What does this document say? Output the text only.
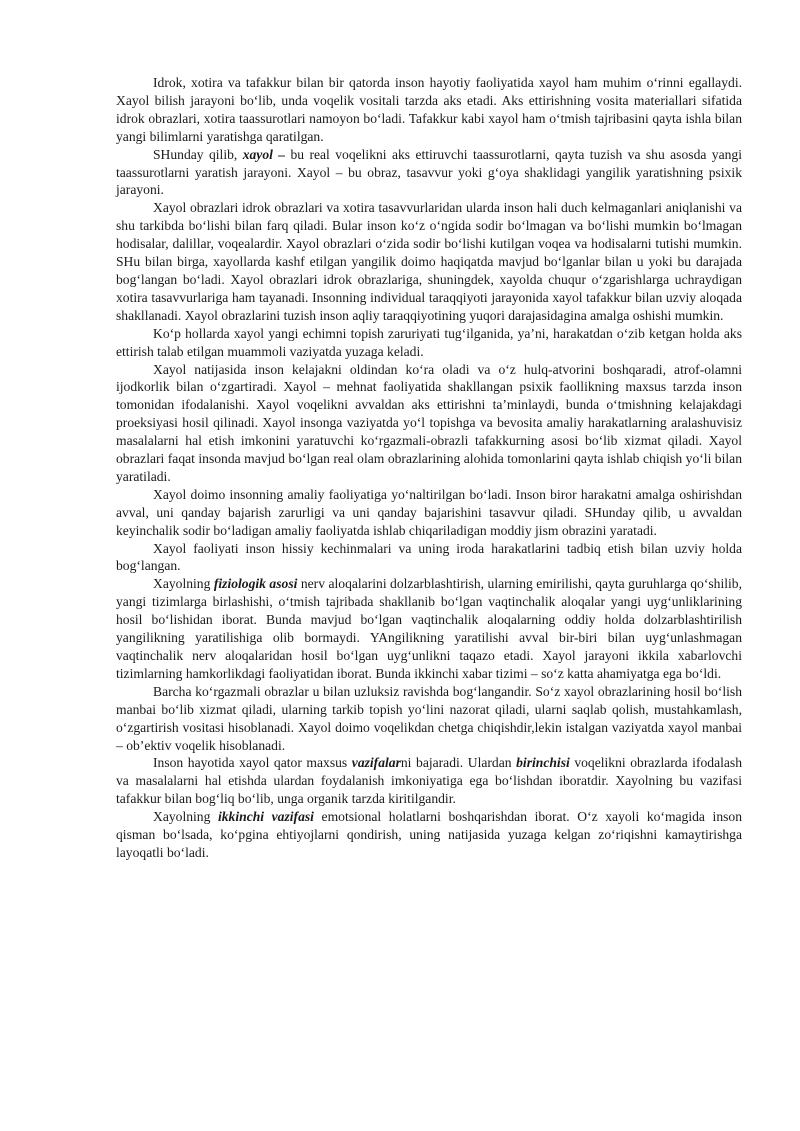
Idrok, xotira va tafakkur bilan bir qatorda inson hayotiy faoliyatida xayol ham muhim oʻrinni egallaydi. Xayol bilish jarayoni boʻlib, unda voqelik vositali tarzda aks etadi. Aks ettirishning vosita materiallari sifatida idrok obrazlari, xotira taassurotlari namoyon boʻladi. Tafakkur kabi xayol ham oʻtmish tajribasini qayta ishla bilan yangi bilimlarni yaratishga qaratilgan.

SHunday qilib, xayol – bu real voqelikni aks ettiruvchi taassurotlarni, qayta tuzish va shu asosda yangi taassurotlarni yaratish jarayoni. Xayol – bu obraz, tasavvur yoki gʻoya shaklidagi yangilik yaratishning psixik jarayoni.

Xayol obrazlari idrok obrazlari va xotira tasavvurlaridan ularda inson hali duch kelmaganlari aniqlanishi va shu tarkibda boʻlishi bilan farq qiladi. Bular inson koʻz oʻngida sodir boʻlmagan va boʻlishi mumkin boʻlmagan hodisalar, dalillar, voqealardir. Xayol obrazlari oʻzida sodir boʻlishi kutilgan voqea va hodisalarni tutishi mumkin. SHu bilan birga, xayollarda kashf etilgan yangilik doimo haqiqatda mavjud boʻlganlar bilan u yoki bu darajada bogʻlangan boʻladi. Xayol obrazlari idrok obrazlariga, shuningdek, xayolda chuqur oʻzgarishlarga uchraydigan xotira tasavvurlariga ham tayanadi. Insonning individual taraqqiyoti jarayonida xayol tafakkur bilan uzviy aloqada shakllanadi. Xayol obrazlarini tuzish inson aqliy taraqqiyotining yuqori darajasidagina amalga oshishi mumkin.

Koʻp hollarda xayol yangi echimni topish zaruriyati tugʻilganida, yaʼni, harakatdan oʻzib ketgan holda aks ettirish talab etilgan muammoli vaziyatda yuzaga keladi.

Xayol natijasida inson kelajakni oldindan koʻra oladi va oʻz hulq-atvorini boshqaradi, atrof-olamni ijodkorlik bilan oʻzgartiradi. Xayol – mehnat faoliyatida shakllangan psixik faollikning maxsus tarzda inson tomonidan ifodalanishi. Xayol voqelikni avvaldan aks ettirishni taʼminlaydi, bunda oʻtmishning kelajakdagi proeksiyasi hosil qilinadi. Xayol insonga vaziyatda yoʻl topishga va bevosita amaliy harakatlarning aralashuvisiz masalalarni hal etish imkonini yaratuvchi koʻrgazmali-obrazli tafakkurning asosi boʻlib xizmat qiladi. Xayol obrazlari faqat insonda mavjud boʻlgan real olam obrazlarining alohida tomonlarini qayta ishlab chiqish yoʻli bilan yaratiladi.

Xayol doimo insonning amaliy faoliyatiga yoʻnaltirilgan boʻladi. Inson biror harakatni amalga oshirishdan avval, uni qanday bajarish zarurligi va uni qanday bajarishini tasavvur qiladi. SHunday qilib, u avvaldan keyinchalik sodir boʻladigan amaliy faoliyatda ishlab chiqariladigan moddiy jism obrazini yaratadi.

Xayol faoliyati inson hissiy kechinmalari va uning iroda harakatlarini tadbiq etish bilan uzviy holda bogʻlangan.

Xayolning fiziologik asosi nerv aloqalarini dolzarblashtirish, ularning emirilishi, qayta guruhlarga qoʻshilib, yangi tizimlarga birlashishi, oʻtmish tajribada shakllanib boʻlgan vaqtinchalik aloqalar yangi uygʻunliklarining hosil boʻlishidan iborat. Bunda mavjud boʻlgan vaqtinchalik aloqalarning oddiy holda dolzarblashtirilish yangilikning yaratilishiga olib bormaydi. YAngilikning yaratilishi avval bir-biri bilan uygʻunlashmagan vaqtinchalik nerv aloqalaridan hosil boʻlgan uygʻunlikni taqazo etadi. Xayol jarayoni ikkila xabarlovchi tizimlarning hamkorlikdagi faoliyatidan iborat. Bunda ikkinchi xabar tizimi – soʻz katta ahamiyatga ega boʻldi.

Barcha koʻrgazmali obrazlar u bilan uzluksiz ravishda bogʻlangandir. Soʻz xayol obrazlarining hosil boʻlish manbai boʻlib xizmat qiladi, ularning tarkib topish yoʻlini nazorat qiladi, ularni saqlab qolish, mustahkamlash, oʻzgartirish vositasi hisoblanadi. Xayol doimo voqelikdan chetga chiqishdir,lekin istalgan vaziyatda xayol manbai – obʼektiv voqelik hisoblanadi.

Inson hayotida xayol qator maxsus vazifalarni bajaradi. Ulardan birinchisi voqelikni obrazlarda ifodalash va masalalarni hal etishda ulardan foydalanish imkoniyatiga ega boʻlishdan iboratdir. Xayolning bu vazifasi tafakkur bilan bogʻliq boʻlib, unga organik tarzda kiritilgandir.

Xayolning ikkinchi vazifasi emotsional holatlarni boshqarishdan iborat. Oʻz xayoli koʻmagida inson qisman boʻlsada, koʻpgina ehtiyojlarni qondirish, uning natijasida yuzaga kelgan zoʻriqishni kamaytirishga layoqatli boʻladi.
